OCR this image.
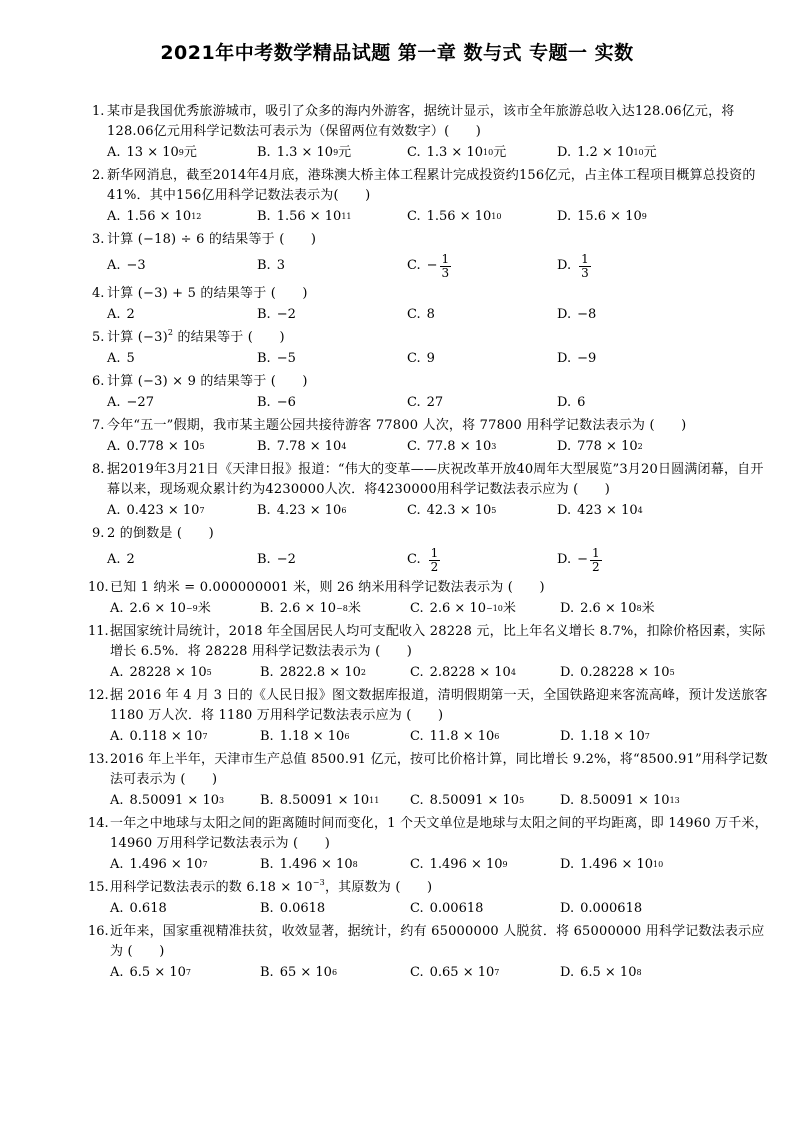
2021年中考数学精品试题 第一章 数与式 专题一 实数
1. 某市是我国优秀旅游城市，吸引了众多的海内外游客，据统计显示，该市全年旅游总收入达128.06亿元，将128.06亿元用科学记数法可表示为（保留两位有效数字）(　　)
A. 13 × 10 9 元	B. 1.3 × 10 9 元	C. 1.3 × 10 10 元	D. 1.2 × 10 10 元
2. 新华网消息，截至2014年4月底，港珠澳大桥主体工程累计完成投资约156亿元，占主体工程项目概算总投资的41%．其中156亿用科学记数法表示为(　　)
A. 1.56 × 10 12	B. 1.56 × 10 11	C. 1.56 × 10 10	D. 15.6 × 10 9
3. 计算 (−18) ÷ 6 的结果等于 (　　)
A. −3	B. 3	C. − $\frac{1}{3}$	D. $\frac{1}{3}$
4. 计算 (−3) + 5 的结果等于 (　　)
A. 2	B. −2	C. 8	D. −8
5. 计算 $(-3)^2$ 的结果等于 (　　)
A. 5	B. −5	C. 9	D. −9
6. 计算 (−3) × 9 的结果等于 (　　)
A. −27	B. −6	C. 27	D. 6
7. 今年“五一”假期，我市某主题公园共接待游客 77800 人次，将 77800 用科学记数法表示为 (　　)
A. 0.778 × 10 5	B. 7.78 × 10 4	C. 77.8 × 10 3	D. 778 × 10 2
8. 据2019年3月21日《天津日报》报道：“伟大的变革——庆祝改革开放40周年大型展览”3月20日圆满闭幕，自开幕以来，现场观众累计约为4230000人次．将4230000用科学记数法表示应为 (　　)
A. 0.423 × 10 7	B. 4.23 × 10 6	C. 42.3 × 10 5	D. 423 × 10 4
9. 2 的倒数是 (　　)
A. 2	B. −2	C. $\frac{1}{2}$	D. − $\frac{1}{2}$
10. 已知 1 纳米 = 0.000000001 米，则 26 纳米用科学记数法表示为 (　　)
A. 2.6 × 10 −9 米	B. 2.6 × 10 −8 米	C. 2.6 × 10 −10 米	D. 2.6 × 10 8 米
11. 据国家统计局统计，2018 年全国居民人均可支配收入 28228 元，比上年名义增长 8.7%，扣除价格因素，实际增长 6.5%．将 28228 用科学记数法表示为 (　　)
A. 28228 × 10 5	B. 2822.8 × 10 2	C. 2.8228 × 10 4	D. 0.28228 × 10 5
12. 据 2016 年 4 月 3 日的《人民日报》图文数据库报道，清明假期第一天，全国铁路迎来客流高峰，预计发送旅客 1180 万人次．将 1180 万用科学记数法表示应为 (　　)
A. 0.118 × 10 7	B. 1.18 × 10 6	C. 11.8 × 10 6	D. 1.18 × 10 7
13. 2016 年上半年，天津市生产总值 8500.91 亿元，按可比价格计算，同比增长 9.2%，将“8500.91”用科学记数法可表示为 (　　)
A. 8.50091 × 10 3	B. 8.50091 × 10 11 C. 8.50091 × 10 5	D. 8.50091 × 10 13
14. 一年之中地球与太阳之间的距离随时间而变化，1 个天文单位是地球与太阳之间的平均距离，即 14960 万千米，14960 万用科学记数法表示为 (　　)
A. 1.496 × 10 7	B. 1.496 × 10 8	C. 1.496 × 10 9	D. 1.496 × 10 10
15. 用科学记数法表示的数 $6.18 \times 10^{-3}$，其原数为 (　　)
A. 0.618	B. 0.0618	C. 0.00618	D. 0.000618
16. 近年来，国家重视精准扶贫，收效显著，据统计，约有 65000000 人脱贫．将 65000000 用科学记数法表示应为 (　　)
A. 6.5 × 10 7	B. 65 × 10 6	C. 0.65 × 10 7	D. 6.5 × 10 8
